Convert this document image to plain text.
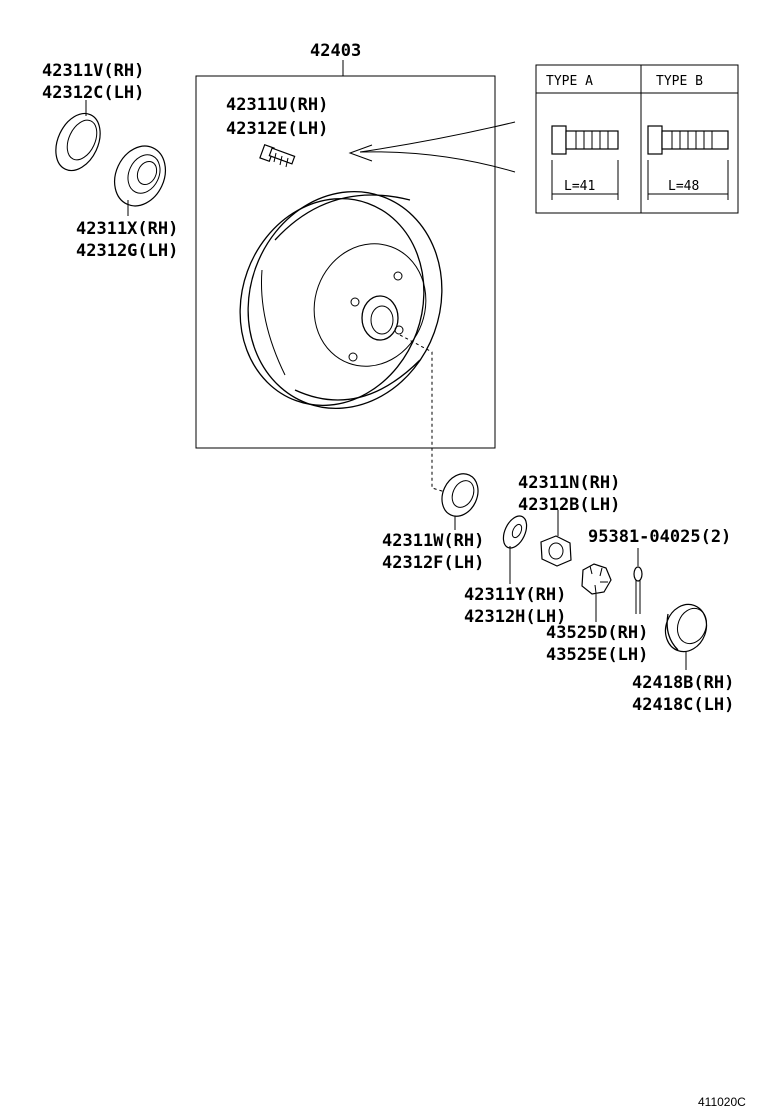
42403
42311U(RH)
42312E(LH)
TYPE A	TYPE B
L=41	L=48
42311V(RH)
42312C(LH)
42311X(RH)
42312G(LH)
42311W(RH)
42312F(LH)
42311Y(RH)
42312H(LH)
42311N(RH)
42312B(LH)
43525D(RH)
43525E(LH)
95381-04025(2)
42418B(RH)
42418C(LH)
411020C
